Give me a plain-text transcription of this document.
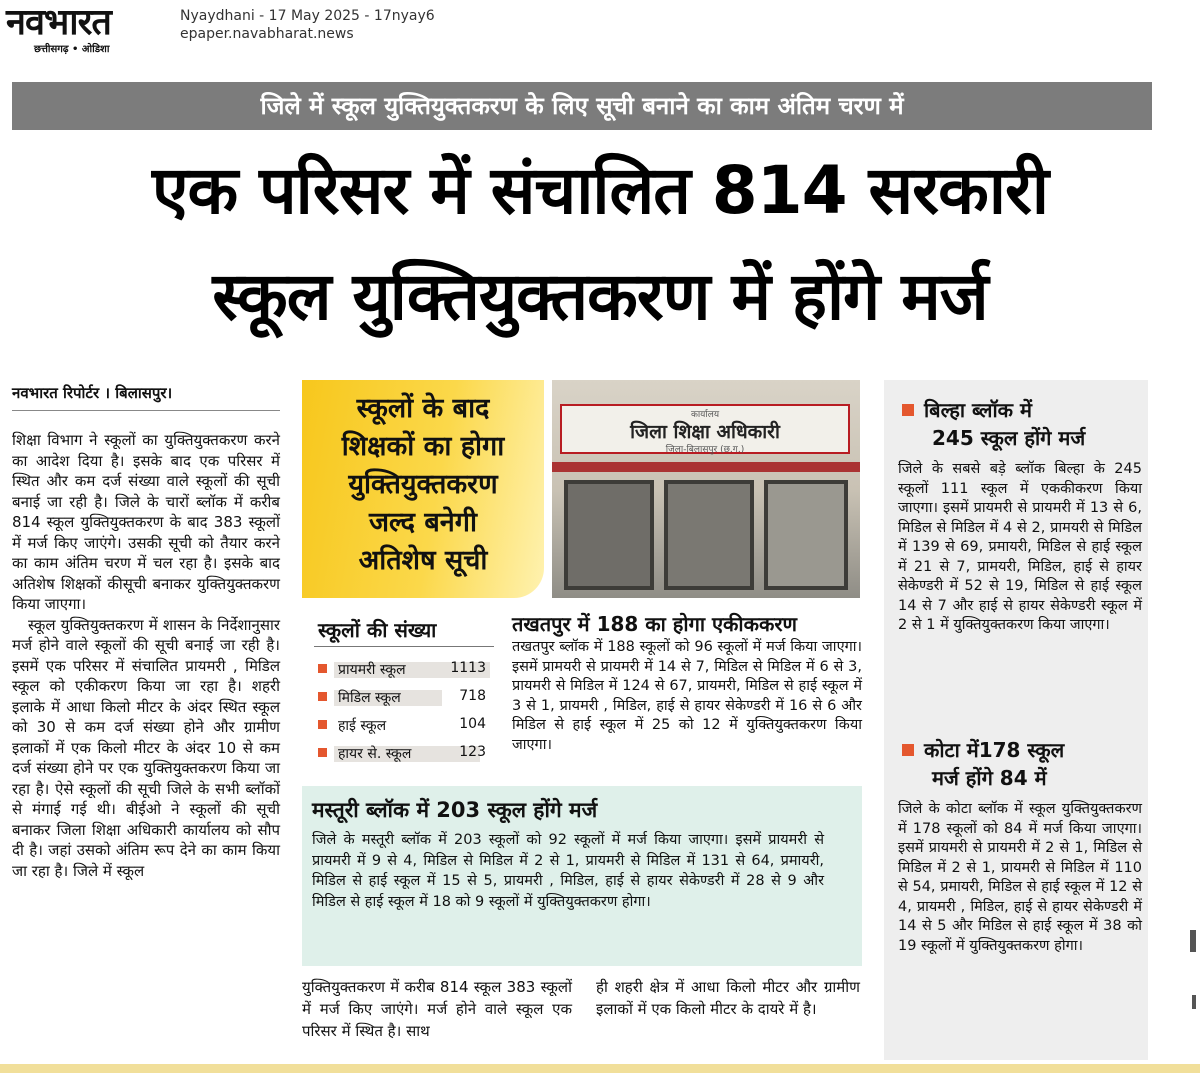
नवभारत
छत्तीसगढ़ • ओडिशा
Nyaydhani - 17 May 2025 - 17nyay6
epaper.navabharat.news
जिले में स्कूल युक्तियुक्तकरण के लिए सूची बनाने का काम अंतिम चरण में
एक परिसर में संचालित 814 सरकारी
स्कूल युक्तियुक्तकरण में होंगे मर्ज
नवभारत रिपोर्टर । बिलासपुर।

शिक्षा विभाग ने स्कूलों का युक्तियुक्तकरण करने का आदेश दिया है। इसके बाद एक परिसर में स्थित और कम दर्ज संख्या वाले स्कूलों की सूची बनाई जा रही है। जिले के चारों ब्लॉक में करीब 814 स्कूल युक्तियुक्तकरण के बाद 383 स्कूलों में मर्ज किए जाएंगे। उसकी सूची को तैयार करने का काम अंतिम चरण में चल रहा है। इसके बाद अतिशेष शिक्षकों कीसूची बनाकर युक्तियुक्तकरण किया जाएगा।

स्कूल युक्तियुक्तकरण में शासन के निर्देशानुसार मर्ज होने वाले स्कूलों की सूची बनाई जा रही है। इसमें एक परिसर में संचालित प्रायमरी , मिडिल स्कूल को एकीकरण किया जा रहा है। शहरी इलाके में आधा किलो मीटर के अंदर स्थित स्कूल को 30 से कम दर्ज संख्या होने और ग्रामीण इलाकों में एक किलो मीटर के अंदर 10 से कम दर्ज संख्या होने पर एक युक्तियुक्तकरण किया जा रहा है। ऐसे स्कूलों की सूची जिले के सभी ब्लॉकों से मंगाई गई थी। बीईओ ने स्कूलों की सूची बनाकर जिला शिक्षा अधिकारी कार्यालय को सौप दी है। जहां उसको अंतिम रूप देने का काम किया जा रहा है। जिले में स्कूल

स्कूलों के बाद
शिक्षकों का होगा
युक्तियुक्तकरण
जल्द बनेगी
अतिशेष सूची
कार्यालय
जिला शिक्षा अधिकारी
जिला-बिलासपुर (छ.ग.)
स्कूलों की संख्या
प्रायमरी स्कूल	1113
मिडिल स्कूल	718
हाई स्कूल	104
हायर से. स्कूल	123
तखतपुर में 188 का होगा एकीककरण
तखतपुर ब्लॉक में 188 स्कूलों को 96 स्कूलों में मर्ज किया जाएगा। इसमें प्रामयरी से प्रायमरी में 14 से 7, मिडिल से मिडिल में 6 से 3, प्रायमरी से मिडिल में 124 से 67, प्रायमरी, मिडिल से हाई स्कूल में 3 से 1, प्रायमरी , मिडिल, हाई से हायर सेकेण्डरी में 16 से 6 और मिडिल से हाई स्कूल में 25 को 12 में युक्तियुक्तकरण किया जाएगा।
मस्तूरी ब्लॉक में 203 स्कूल होंगे मर्ज
जिले के मस्तूरी ब्लॉक में 203 स्कूलों को 92 स्कूलों में मर्ज किया जाएगा। इसमें प्रायमरी से प्रायमरी में 9 से 4, मिडिल से मिडिल में 2 से 1, प्रायमरी से मिडिल में 131 से 64, प्रमायरी, मिडिल से हाई स्कूल में 15 से 5, प्रायमरी , मिडिल, हाई से हायर सेकेण्डरी में 28 से 9 और मिडिल से हाई स्कूल में 18 को 9 स्कूलों में युक्तियुक्तकरण होगा।
युक्तियुक्तकरण में करीब 814 स्कूल 383 स्कूलों में मर्ज किए जाएंगे। मर्ज होने वाले स्कूल एक परिसर में स्थित है। साथ
ही शहरी क्षेत्र में आधा किलो मीटर और ग्रामीण इलाकों में एक किलो मीटर के दायरे में है।
बिल्हा ब्लॉक में
245 स्कूल होंगे मर्ज
जिले के सबसे बड़े ब्लॉक बिल्हा के 245 स्कूलों 111 स्कूल में एककीकरण किया जाएगा। इसमें प्रायमरी से प्रायमरी में 13 से 6, मिडिल से मिडिल में 4 से 2, प्रामयरी से मिडिल में 139 से 69, प्रमायरी, मिडिल से हाई स्कूल में 21 से 7, प्रामयरी, मिडिल, हाई से हायर सेकेण्डरी में 52 से 19, मिडिल से हाई स्कूल 14 से 7 और हाई से हायर सेकेण्डरी स्कूल में 2 से 1 में युक्तियुक्तकरण किया जाएगा।
कोटा में178 स्कूल
मर्ज होंगे 84 में
जिले के कोटा ब्लॉक में स्कूल युक्तियुक्तकरण में 178 स्कूलों को 84 में मर्ज किया जाएगा। इसमें प्रायमरी से प्रायमरी में 2 से 1, मिडिल से मिडिल में 2 से 1, प्रायमरी से मिडिल में 110 से 54, प्रमायरी, मिडिल से हाई स्कूल में 12 से 4, प्रायमरी , मिडिल, हाई से हायर सेकेण्डरी में 14 से 5 और मिडिल से हाई स्कूल में 38 को 19 स्कूलों में युक्तियुक्तकरण होगा।
